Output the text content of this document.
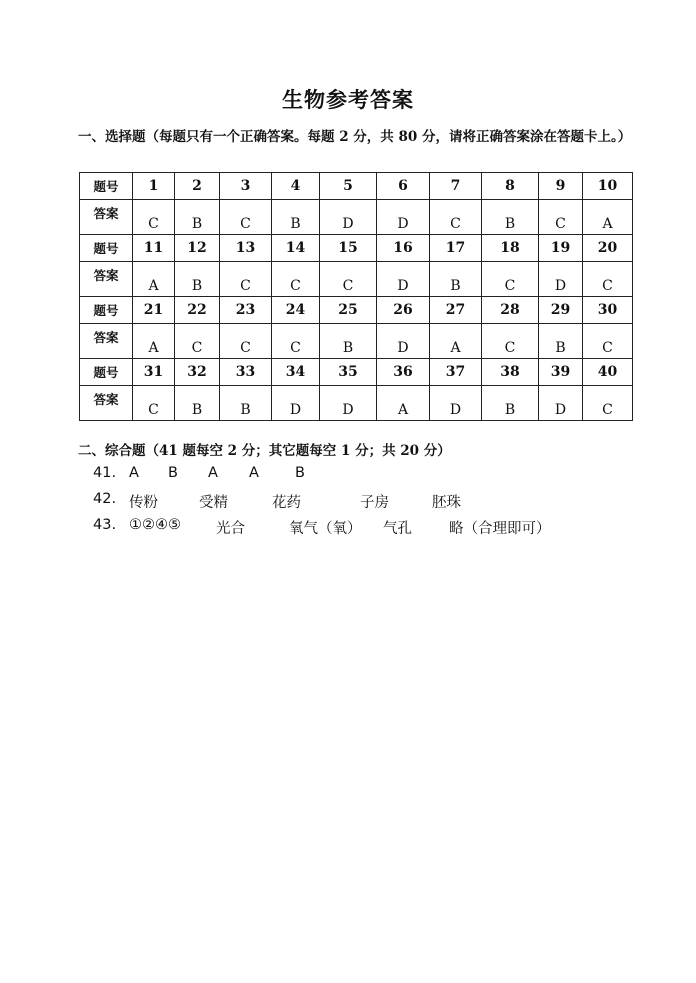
生物参考答案
一、选择题（每题只有一个正确答案。每题 2 分，共 80 分，请将正确答案涂在答题卡上。）
题号	1	2	3	4	5	6	7	8	9	10
答案	C	B	C	B	D	D	C	B	C	A
题号	11	12	13	14	15	16	17	18	19	20
答案	A	B	C	C	C	D	B	C	D	C
题号	21	22	23	24	25	26	27	28	29	30
答案	A	C	C	C	B	D	A	C	B	C
题号	31	32	33	34	35	36	37	38	39	40
答案	C	B	B	D	D	A	D	B	D	C
二、综合题（41 题每空 2 分；其它题每空 1 分；共 20 分）
41. A B A A B
42. 传粉	受精	花药	子房	胚珠
43. ①②④⑤ 光合	氧气（氧） 气孔	略（合理即可）
